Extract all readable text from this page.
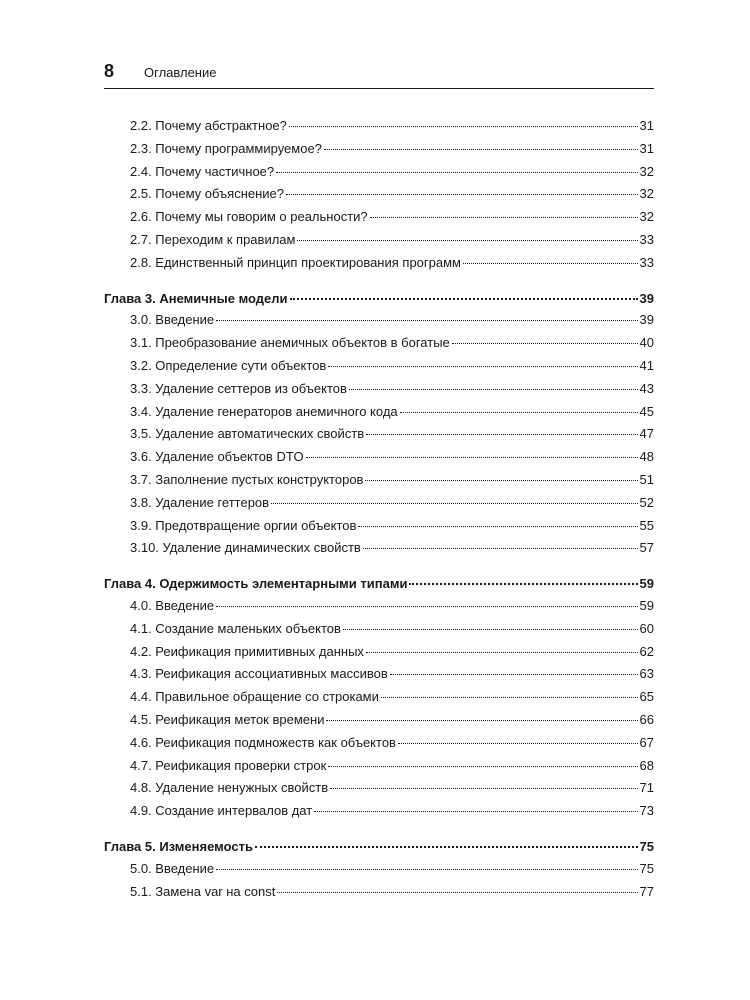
8 Оглавление
2.2. Почему абстрактное?	31
2.3. Почему программируемое?	31
2.4. Почему частичное?	32
2.5. Почему объяснение?	32
2.6. Почему мы говорим о реальности?	32
2.7. Переходим к правилам	33
2.8. Единственный принцип проектирования программ	33
Глава 3. Анемичные модели	39
3.0. Введение	39
3.1. Преобразование анемичных объектов в богатые	40
3.2. Определение сути объектов	41
3.3. Удаление сеттеров из объектов	43
3.4. Удаление генераторов анемичного кода	45
3.5. Удаление автоматических свойств	47
3.6. Удаление объектов DTO	48
3.7. Заполнение пустых конструкторов	51
3.8. Удаление геттеров	52
3.9. Предотвращение оргии объектов	55
3.10. Удаление динамических свойств	57
Глава 4. Одержимость элементарными типами	59
4.0. Введение	59
4.1. Создание маленьких объектов	60
4.2. Реификация примитивных данных	62
4.3. Реификация ассоциативных массивов	63
4.4. Правильное обращение со строками	65
4.5. Реификация меток времени	66
4.6. Реификация подмножеств как объектов	67
4.7. Реификация проверки строк	68
4.8. Удаление ненужных свойств	71
4.9. Создание интервалов дат	73
Глава 5. Изменяемость	75
5.0. Введение	75
5.1. Замена var на const	77
